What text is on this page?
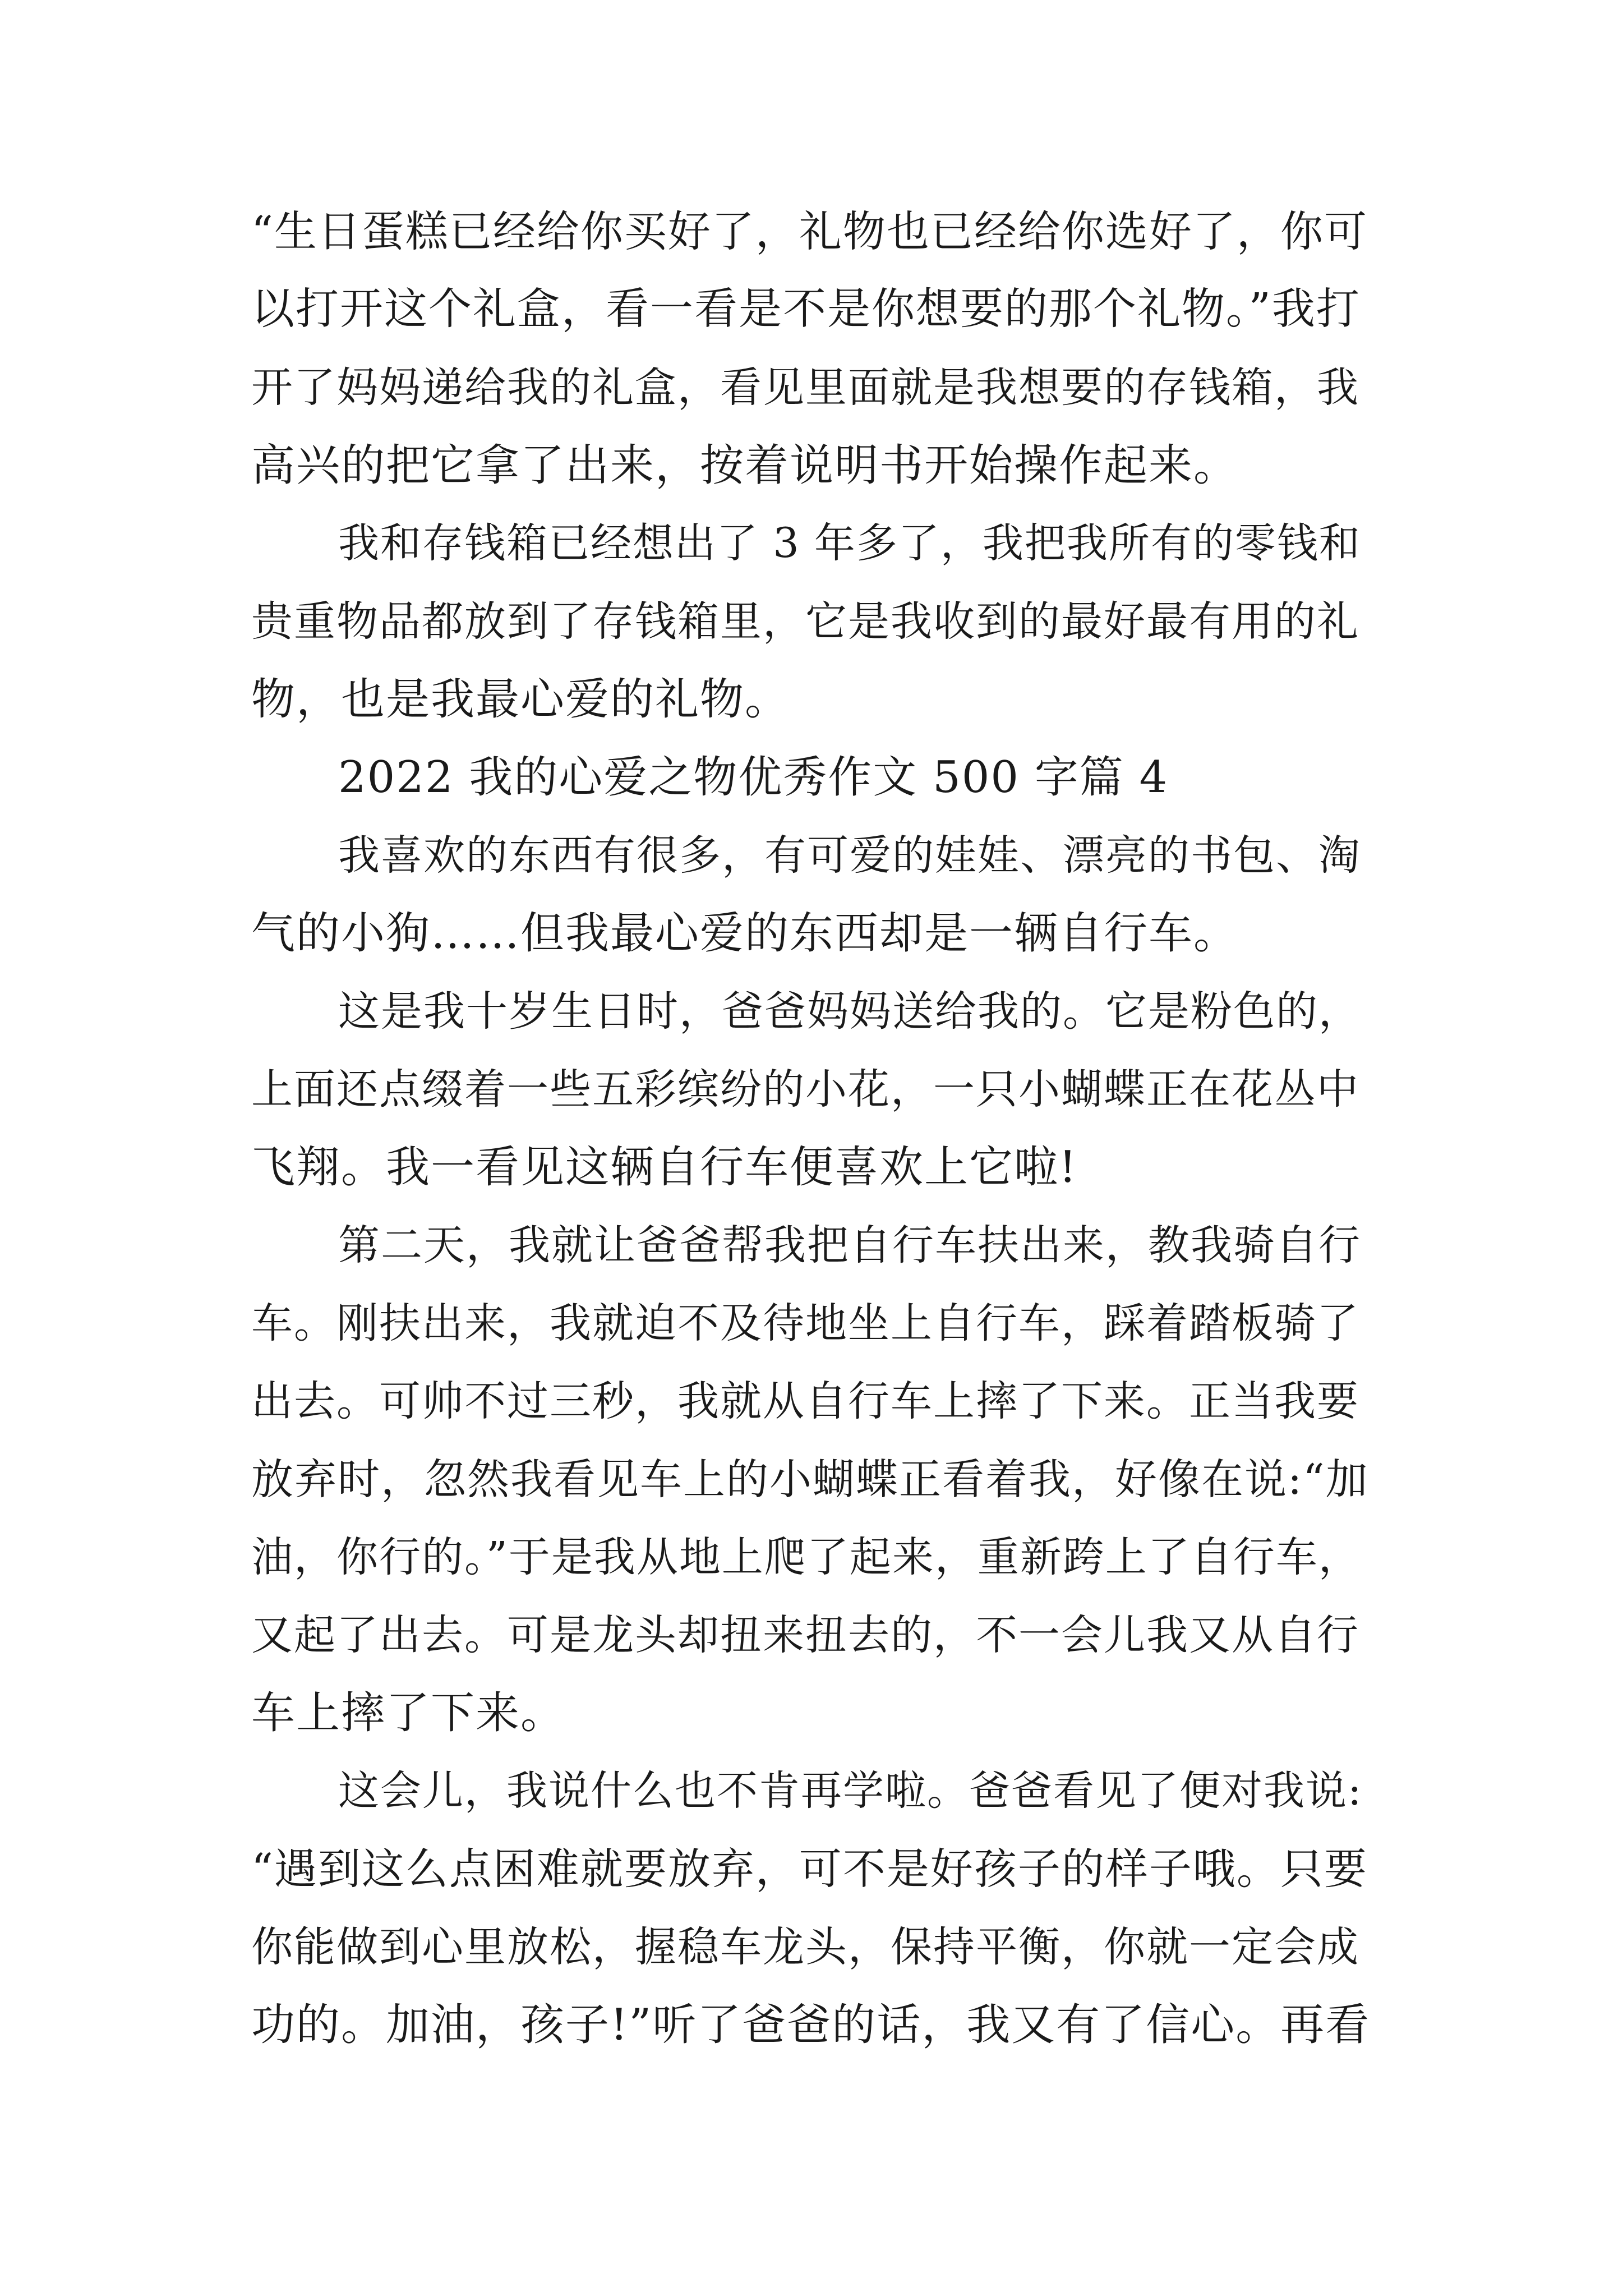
“生日蛋糕已经给你买好了，礼物也已经给你选好了，你可
以打开这个礼盒，看一看是不是你想要的那个礼物。”我打
开了妈妈递给我的礼盒，看见里面就是我想要的存钱箱，我
高兴的把它拿了出来，按着说明书开始操作起来。
我和存钱箱已经想出了 3 年多了，我把我所有的零钱和
贵重物品都放到了存钱箱里，它是我收到的最好最有用的礼
物，也是我最心爱的礼物。
2022 我的心爱之物优秀作文 500 字篇 4
我喜欢的东西有很多，有可爱的娃娃、漂亮的书包、淘
气的小狗……但我最心爱的东西却是一辆自行车。
这是我十岁生日时，爸爸妈妈送给我的。它是粉色的，
上面还点缀着一些五彩缤纷的小花，一只小蝴蝶正在花丛中
飞翔。我一看见这辆自行车便喜欢上它啦!
第二天，我就让爸爸帮我把自行车扶出来，教我骑自行
车。刚扶出来，我就迫不及待地坐上自行车，踩着踏板骑了
出去。可帅不过三秒，我就从自行车上摔了下来。正当我要
放弃时，忽然我看见车上的小蝴蝶正看着我，好像在说:“加
油，你行的。”于是我从地上爬了起来，重新跨上了自行车，
又起了出去。可是龙头却扭来扭去的，不一会儿我又从自行
车上摔了下来。
这会儿，我说什么也不肯再学啦。爸爸看见了便对我说:
“遇到这么点困难就要放弃，可不是好孩子的样子哦。只要
你能做到心里放松，握稳车龙头，保持平衡，你就一定会成
功的。加油，孩子!”听了爸爸的话，我又有了信心。再看
